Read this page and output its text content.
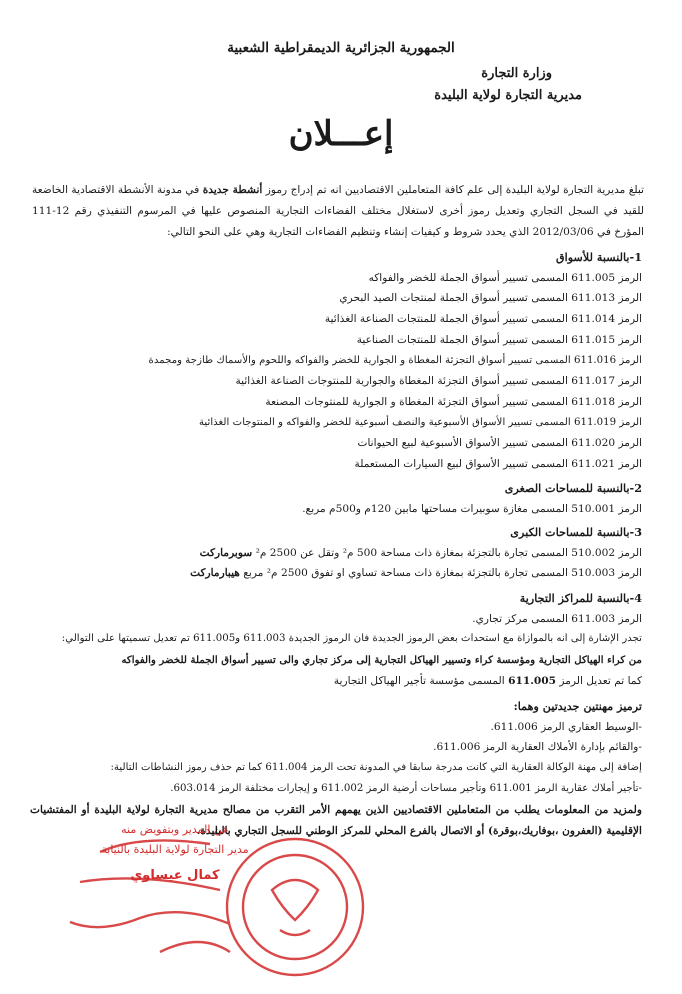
الجمهورية الجزائرية الديمقراطية الشعبية
وزارة التجارة
مديرية التجارة لولاية البليدة
إعـــلان
تبلغ مديرية التجارة لولاية البليدة إلى علم كافة المتعاملين الاقتصاديين انه تم إدراج رموز أنشطة جديدة في مدونة الأنشطة الاقتصادية الخاضعة للقيد في السجل التجاري وتعديل رموز أخرى لاستغلال مختلف الفضاءات التجارية المنصوص عليها في المرسوم التنفيذي رقم 12-111 المؤرخ في 2012/03/06 الذي يحدد شروط و كيفيات إنشاء وتنظيم الفضاءات التجارية وهي على النحو التالي:
1-بالنسبة للأسواق
الرمز 611.005 المسمى تسيير أسواق الجملة للخضر والفواكه
الرمز 611.013 المسمى تسيير أسواق الجملة لمنتجات الصيد البحري
الرمز 611.014 المسمى تسيير أسواق الجملة للمنتجات الصناعة الغذائية
الرمز 611.015 المسمى تسيير أسواق الجملة للمنتجات الصناعية
الرمز 611.016 المسمى تسيير أسواق التجزئة المغطاة و الجوارية للخضر والفواكه واللحوم والأسماك طازجة ومجمدة
الرمز 611.017 المسمى تسيير أسواق التجزئة المغطاة والجوارية للمنتوجات الصناعة الغذائية
الرمز 611.018 المسمى تسيير أسواق التجزئة المغطاة و الجوارية للمنتوجات المصنعة
الرمز 611.019 المسمى تسيير الأسواق الأسبوعية والنصف أسبوعية للخضر والفواكه و المنتوجات الغذائية
الرمز 611.020 المسمى تسيير الأسواق الأسبوعية لبيع الحيوانات
الرمز 611.021 المسمى تسيير الأسواق لبيع السيارات المستعملة
2-بالنسبة للمساحات الصغرى
الرمز 510.001 المسمى مغازة سوبيرات مساحتها مابين 120م و500م مربع.
3-بالنسبة للمساحات الكبرى
الرمز 510.002 المسمى تجارة بالتجزئة بمغازة ذات مساحة 500 م² وتقل عن 2500 م² سوبرماركت
الرمز 510.003 المسمى تجارة بالتجزئة بمغازة ذات مساحة تساوي او تفوق 2500 م² مربع هيبارماركت
4-بالنسبة للمراكز التجارية
الرمز 611.003 المسمى مركز تجاري.
تجدر الإشارة إلى انه بالموازاة مع استحداث بعض الرموز الجديدة فان الرموز الجديدة 611.003 و611.005 تم تعديل تسميتها على التوالي:
من كراء الهياكل التجارية ومؤسسة كراء وتسيير الهياكل التجارية إلى مركز تجاري والى تسيير أسواق الجملة للخضر والفواكه
كما تم تعديل الرمز 611.005 المسمى مؤسسة تأجير الهياكل التجارية
ترميز مهنتين جديدتين وهما:
-الوسيط العقاري الرمز 611.006.
-والقائم بإدارة الأملاك العقارية الرمز 611.006.
إضافة إلى مهنة الوكالة العقارية التي كانت مدرجة سابقا في المدونة تحت الرمز 611.004 كما تم حذف رموز النشاطات التالية:
-تأجير أملاك عقارية الرمز 611.001 وتأجير مساحات أرضية الرمز 611.002 و إيجارات مختلفة الرمز 603.014.
ولمزيد من المعلومات يطلب من المتعاملين الاقتصاديين الذين يهمهم الأمر التقرب من مصالح مديرية التجارة لولاية البليدة أو المفتشيات الإقليمية (العفرون ،بوفاريك،بوقرة) أو الاتصال بالفرع المحلي للمركز الوطني للسجل التجاري بالبليدة.
عن المدير وبتفويض منه
مدير التجارة لولاية البليدة بالنيابة
كمال عيساوي
